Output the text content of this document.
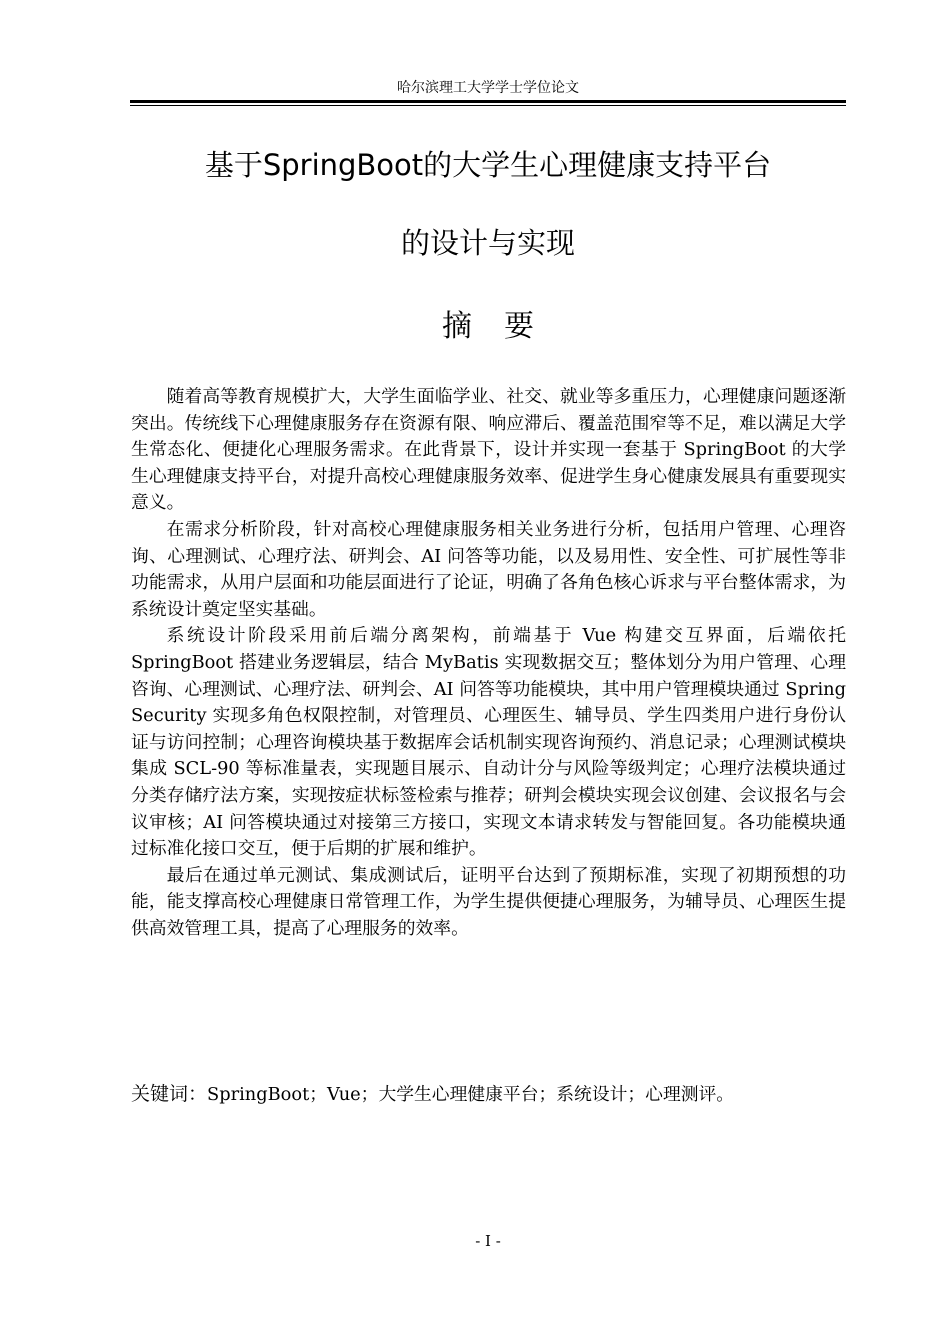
哈尔滨理工大学学士学位论文
基于SpringBoot的大学生心理健康支持平台
的设计与实现
摘要

随着高等教育规模扩大，大学生面临学业、社交、就业等多重压力，心理健康问题逐渐突出。传统线下心理健康服务存在资源有限、响应滞后、覆盖范围窄等不足，难以满足大学生常态化、便捷化心理服务需求。在此背景下，设计并实现一套基于 SpringBoot 的大学生心理健康支持平台，对提升高校心理健康服务效率、促进学生身心健康发展具有重要现实意义。

在需求分析阶段，针对高校心理健康服务相关业务进行分析，包括用户管理、心理咨询、心理测试、心理疗法、研判会、AI 问答等功能，以及易用性、安全性、可扩展性等非功能需求，从用户层面和功能层面进行了论证，明确了各角色核心诉求与平台整体需求，为系统设计奠定坚实基础。

系统设计阶段采用前后端分离架构，前端基于 Vue 构建交互界面，后端依托 SpringBoot 搭建业务逻辑层，结合 MyBatis 实现数据交互；整体划分为用户管理、心理咨询、心理测试、心理疗法、研判会、AI 问答等功能模块，其中用户管理模块通过 Spring Security 实现多角色权限控制，对管理员、心理医生、辅导员、学生四类用户进行身份认证与访问控制；心理咨询模块基于数据库会话机制实现咨询预约、消息记录；心理测试模块集成 SCL-90 等标准量表，实现题目展示、自动计分与风险等级判定；心理疗法模块通过分类存储疗法方案，实现按症状标签检索与推荐；研判会模块实现会议创建、会议报名与会议审核；AI 问答模块通过对接第三方接口，实现文本请求转发与智能回复。各功能模块通过标准化接口交互，便于后期的扩展和维护。

最后在通过单元测试、集成测试后，证明平台达到了预期标准，实现了初期预想的功能，能支撑高校心理健康日常管理工作，为学生提供便捷心理服务，为辅导员、心理医生提供高效管理工具，提高了心理服务的效率。

关键词：SpringBoot；Vue；大学生心理健康平台；系统设计；心理测评。
- I -
